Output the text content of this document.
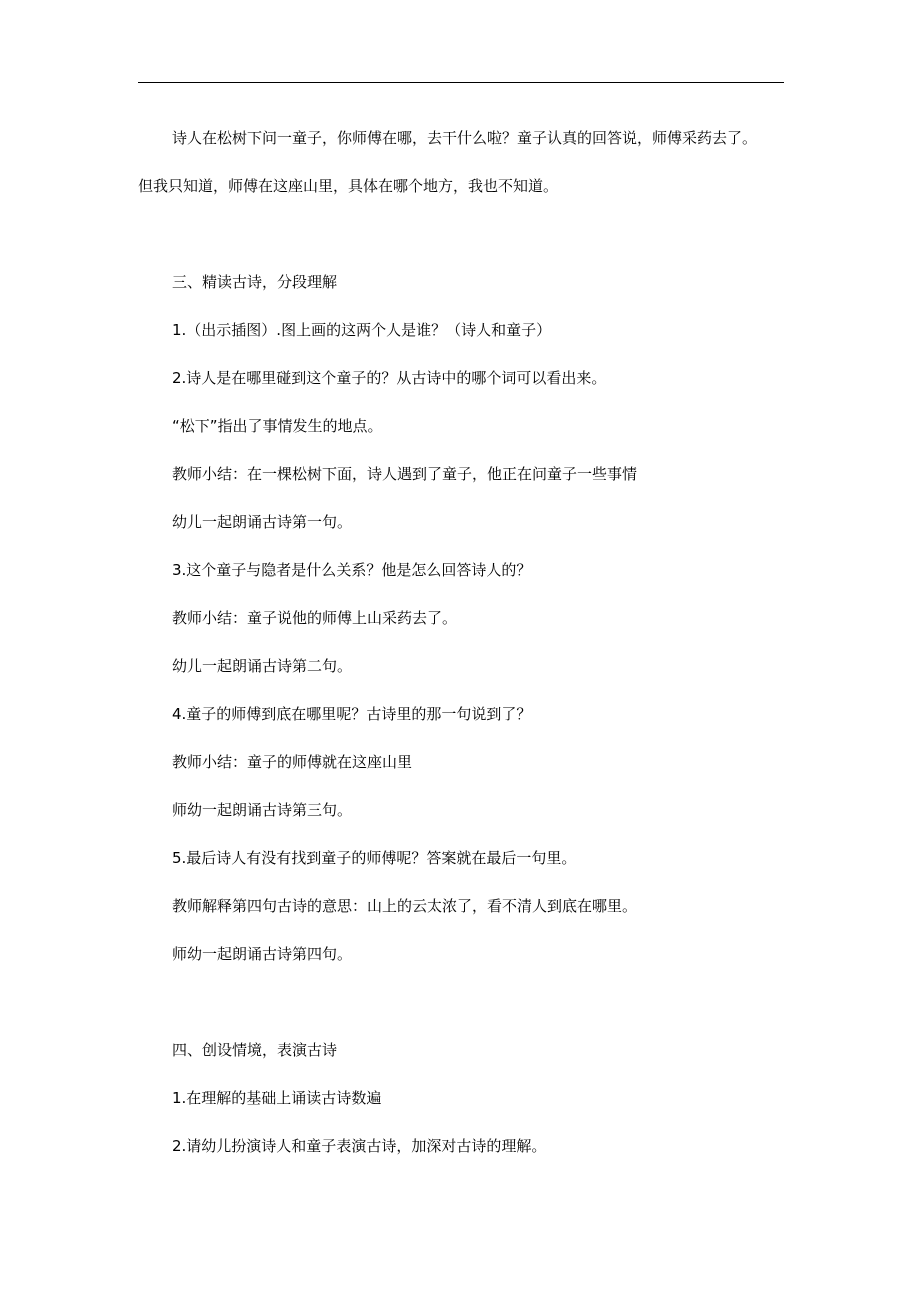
诗人在松树下问一童子，你师傅在哪，去干什么啦？童子认真的回答说，师傅采药去了。
但我只知道，师傅在这座山里，具体在哪个地方，我也不知道。
三、精读古诗，分段理解
1.（出示插图）.图上画的这两个人是谁？（诗人和童子）
2.诗人是在哪里碰到这个童子的？从古诗中的哪个词可以看出来。
“松下”指出了事情发生的地点。
教师小结：在一棵松树下面，诗人遇到了童子，他正在问童子一些事情
幼儿一起朗诵古诗第一句。
3.这个童子与隐者是什么关系？他是怎么回答诗人的？
教师小结：童子说他的师傅上山采药去了。
幼儿一起朗诵古诗第二句。
4.童子的师傅到底在哪里呢？古诗里的那一句说到了？
教师小结：童子的师傅就在这座山里
师幼一起朗诵古诗第三句。
5.最后诗人有没有找到童子的师傅呢？答案就在最后一句里。
教师解释第四句古诗的意思：山上的云太浓了，看不清人到底在哪里。
师幼一起朗诵古诗第四句。
四、创设情境，表演古诗
1.在理解的基础上诵读古诗数遍
2.请幼儿扮演诗人和童子表演古诗，加深对古诗的理解。
